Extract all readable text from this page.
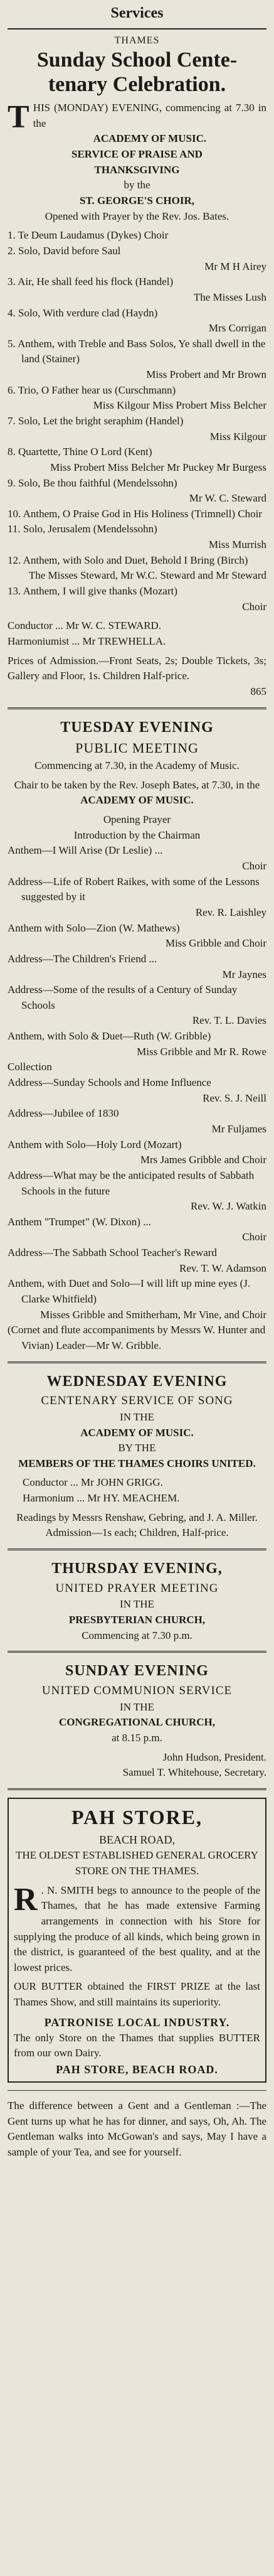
Services
THAMES
Sunday School Cente-
tenary Celebration.
T HIS (MONDAY) EVENING, commencing at 7.30 in the
ACADEMY OF MUSIC.
SERVICE OF PRAISE AND
THANKSGIVING
by the
ST. GEORGE'S CHOIR,
Opened with Prayer by the Rev. Jos. Bates.
1. Te Deum Laudamus (Dykes) Choir
2. Solo, David before Saul
Mr M H Airey
3. Air, He shall feed his flock (Handel)
The Misses Lush
4. Solo, With verdure clad (Haydn)
Mrs Corrigan
5. Anthem, with Treble and Bass Solos, Ye shall dwell in the land (Stainer)
Miss Probert and Mr Brown
6. Trio, O Father hear us (Curschmann)
Miss Kilgour Miss Probert Miss Belcher
7. Solo, Let the bright seraphim (Handel)
Miss Kilgour
8. Quartette, Thine O Lord (Kent)
Miss Probert Miss Belcher Mr Puckey Mr Burgess
9. Solo, Be thou faithful (Mendelssohn)
Mr W. C. Steward
10. Anthem, O Praise God in His Holiness (Trimnell) Choir
11. Solo, Jerusalem (Mendelssohn)
Miss Murrish
12. Anthem, with Solo and Duet, Behold I Bring (Birch)
The Misses Steward, Mr W.C. Steward and Mr Steward
13. Anthem, I will give thanks (Mozart)
Choir
Conductor ... Mr W. C. STEWARD.
Harmoniumist ... Mr TREWHELLA.
Prices of Admission.—Front Seats, 2s; Double Tickets, 3s; Gallery and Floor, 1s. Children Half-price.
865
TUESDAY EVENING
PUBLIC MEETING
Commencing at 7.30, in the Academy of Music.
Chair to be taken by the Rev. Joseph Bates, at 7.30, in the
ACADEMY OF MUSIC.
Opening Prayer
Introduction by the Chairman
Anthem—I Will Arise (Dr Leslie) ...
Choir
Address—Life of Robert Raikes, with some of the Lessons suggested by it
Rev. R. Laishley
Anthem with Solo—Zion (W. Mathews)
Miss Gribble and Choir
Address—The Children's Friend ...
Mr Jaynes
Address—Some of the results of a Century of Sunday Schools
Rev. T. L. Davies
Anthem, with Solo & Duet—Ruth (W. Gribble)
Miss Gribble and Mr R. Rowe
Collection
Address—Sunday Schools and Home Influence
Rev. S. J. Neill
Address—Jubilee of 1830
Mr Fuljames
Anthem with Solo—Holy Lord (Mozart)
Mrs James Gribble and Choir
Address—What may be the anticipated results of Sabbath Schools in the future
Rev. W. J. Watkin
Anthem "Trumpet" (W. Dixon) ...
Choir
Address—The Sabbath School Teacher's Reward
Rev. T. W. Adamson
Anthem, with Duet and Solo—I will lift up mine eyes (J. Clarke Whitfield)
Misses Gribble and Smitherham, Mr Vine, and Choir
(Cornet and flute accompaniments by Messrs W. Hunter and Vivian) Leader—Mr W. Gribble.
WEDNESDAY EVENING
CENTENARY SERVICE OF SONG
IN THE
ACADEMY OF MUSIC.
BY THE
MEMBERS OF THE THAMES CHOIRS UNITED.
Conductor ... Mr JOHN GRIGG.
Harmonium ... Mr HY. MEACHEM.
Readings by Messrs Renshaw, Gebring, and J. A. Miller.
Admission—1s each; Children, Half-price.
THURSDAY EVENING,
UNITED PRAYER MEETING
IN THE
PRESBYTERIAN CHURCH,
Commencing at 7.30 p.m.
SUNDAY EVENING
UNITED COMMUNION SERVICE
IN THE
CONGREGATIONAL CHURCH,
at 8.15 p.m.
John Hudson, President.
Samuel T. Whitehouse, Secretary.
PAH STORE,
BEACH ROAD,
THE OLDEST ESTABLISHED GENERAL GROCERY STORE ON THE THAMES.
R . N. SMITH begs to announce to the people of the Thames, that he has made extensive Farming arrangements in connection with his Store for supplying the produce of all kinds, which being grown in the district, is guaranteed of the best quality, and at the lowest prices.
OUR BUTTER obtained the FIRST PRIZE at the last Thames Show, and still maintains its superiority.
PATRONISE LOCAL INDUSTRY.
The only Store on the Thames that supplies BUTTER from our own Dairy.
PAH STORE, BEACH ROAD.
The difference between a Gent and a Gentleman :—The Gent turns up what he has for dinner, and says, Oh, Ah. The Gentleman walks into McGowan's and says, May I have a sample of your Tea, and see for yourself.
